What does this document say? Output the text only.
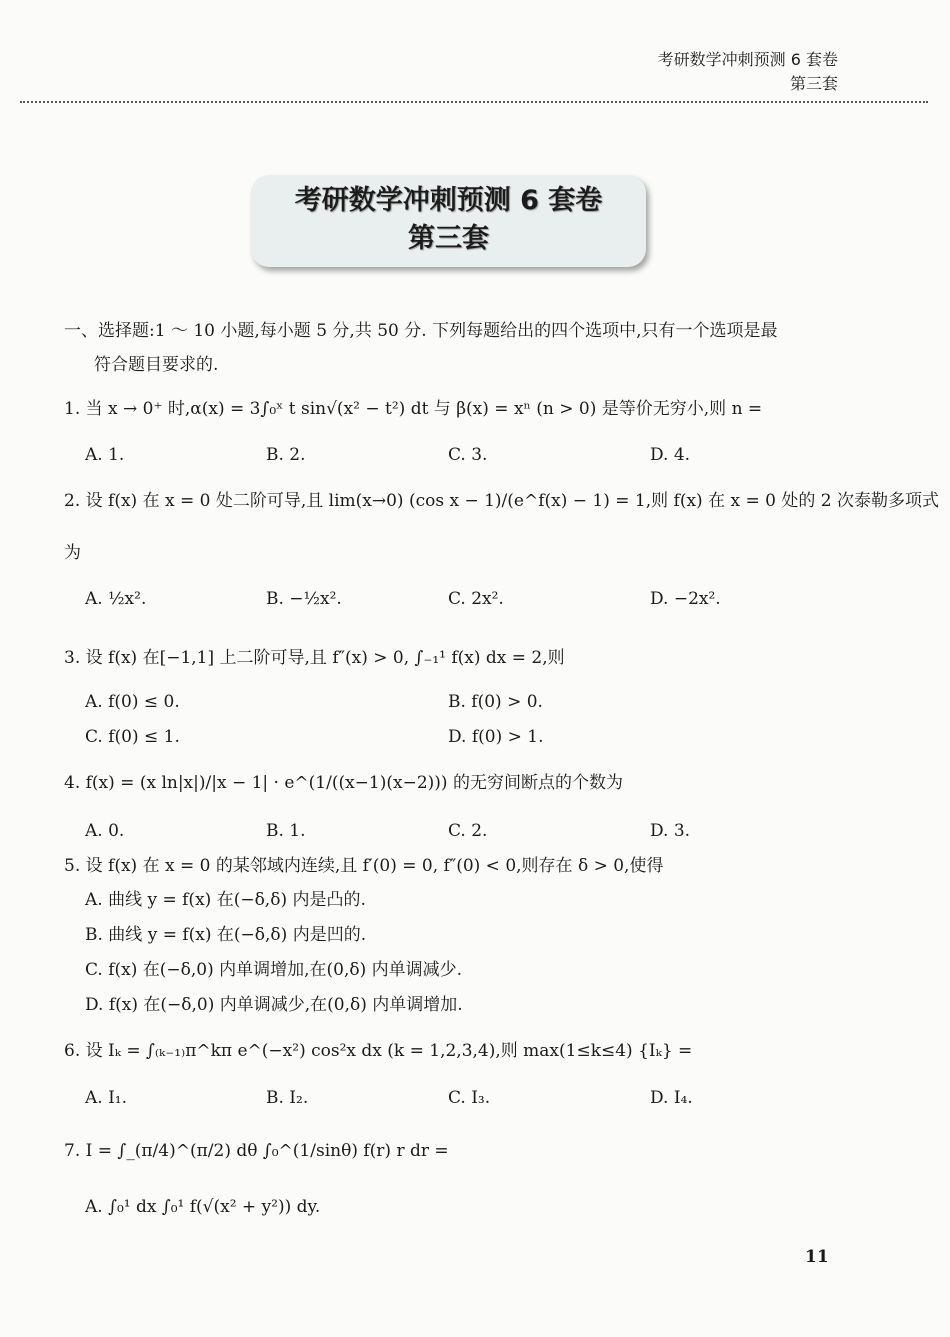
考研数学冲刺预测 6 套卷
第三套
考研数学冲刺预测 6 套卷
第三套
一、选择题:1 ～ 10 小题,每小题 5 分,共 50 分. 下列每题给出的四个选项中,只有一个选项是最
符合题目要求的.
1. 当 x → 0⁺ 时,α(x) = 3∫₀ˣ t sin√(x² − t²) dt 与 β(x) = xⁿ (n > 0) 是等价无穷小,则 n =
A. 1.	B. 2.	C. 3.	D. 4.
2. 设 f(x) 在 x = 0 处二阶可导,且 lim(x→0) (cos x − 1)/(e^f(x) − 1) = 1,则 f(x) 在 x = 0 处的 2 次泰勒多项式
为
A. ½x².	B. −½x².	C. 2x².	D. −2x².
3. 设 f(x) 在[−1,1] 上二阶可导,且 f″(x) > 0, ∫₋₁¹ f(x) dx = 2,则
A. f(0) ≤ 0.	B. f(0) > 0.
C. f(0) ≤ 1.	D. f(0) > 1.
4. f(x) = (x ln|x|)/|x − 1| · e^(1/((x−1)(x−2))) 的无穷间断点的个数为
A. 0.	B. 1.	C. 2.	D. 3.
5. 设 f(x) 在 x = 0 的某邻域内连续,且 f′(0) = 0, f″(0) < 0,则存在 δ > 0,使得
A. 曲线 y = f(x) 在(−δ,δ) 内是凸的.
B. 曲线 y = f(x) 在(−δ,δ) 内是凹的.
C. f(x) 在(−δ,0) 内单调增加,在(0,δ) 内单调减少.
D. f(x) 在(−δ,0) 内单调减少,在(0,δ) 内单调增加.
6. 设 Iₖ = ∫₍ₖ₋₁₎π^kπ e^(−x²) cos²x dx (k = 1,2,3,4),则 max(1≤k≤4) {Iₖ} =
A. I₁.	B. I₂.	C. I₃.	D. I₄.
7. I = ∫_(π/4)^(π/2) dθ ∫₀^(1/sinθ) f(r) r dr =
A. ∫₀¹ dx ∫₀¹ f(√(x² + y²)) dy.
11
